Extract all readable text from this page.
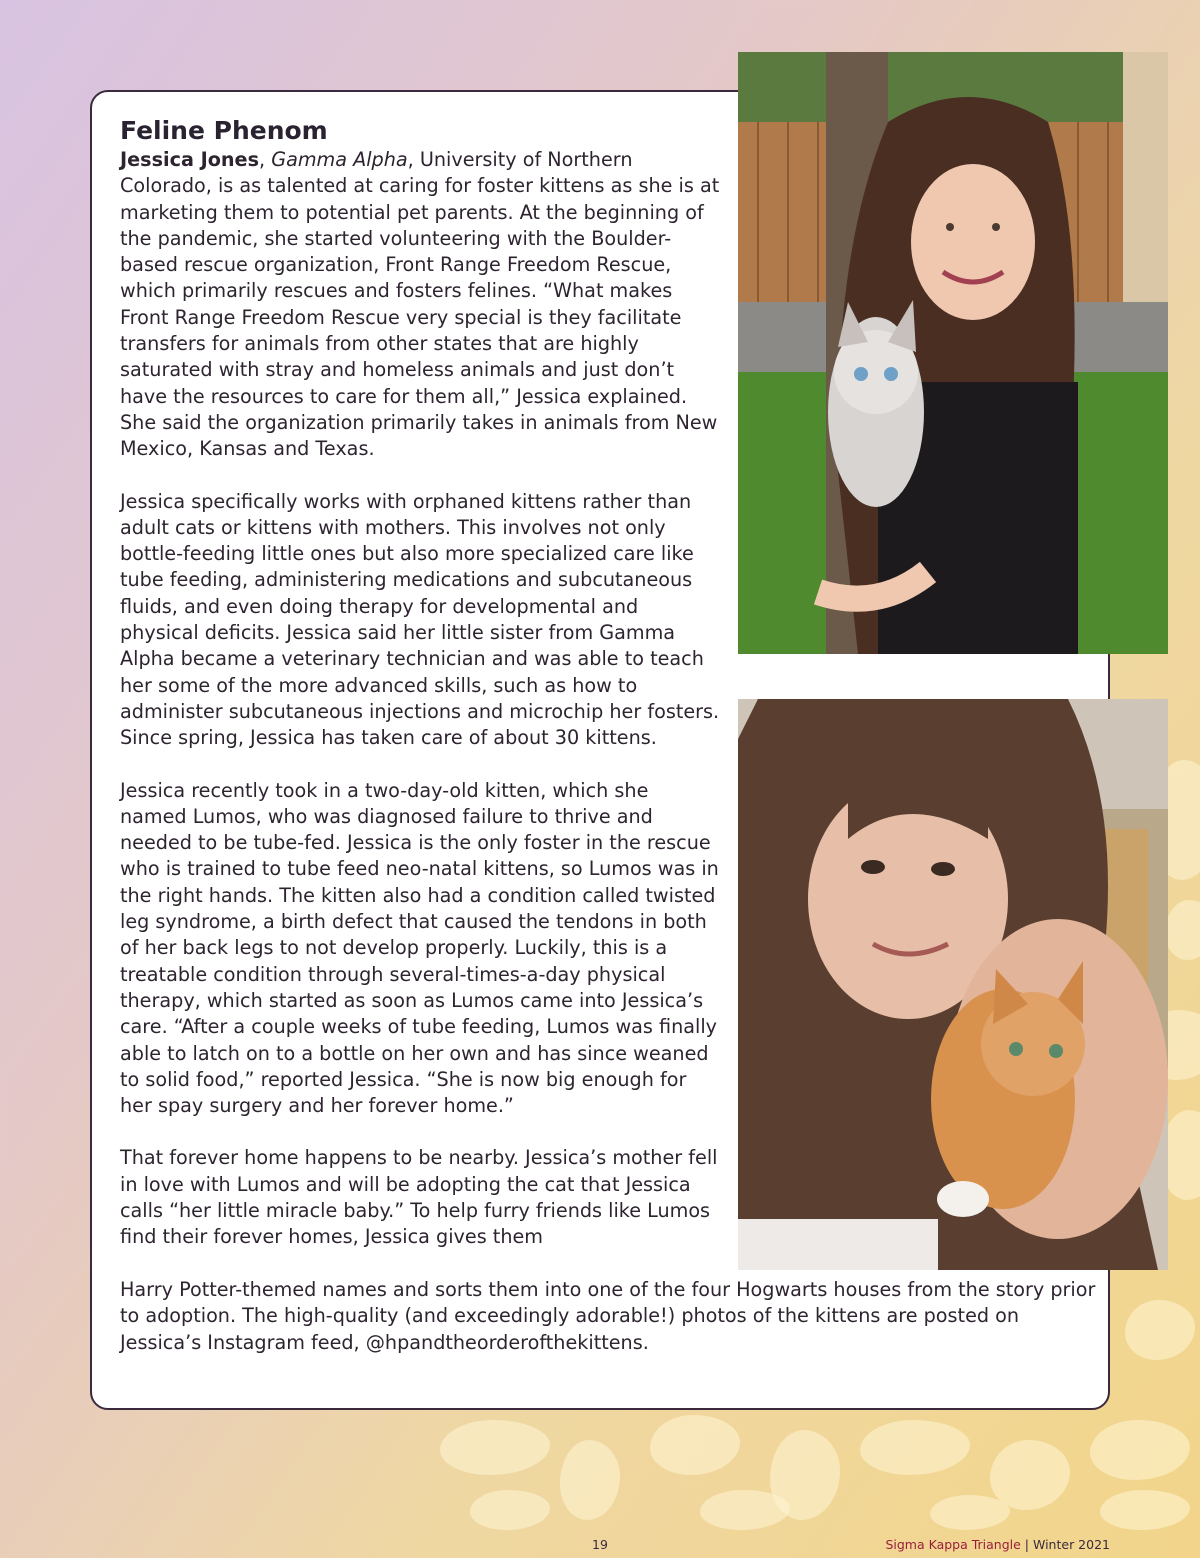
Feline Phenom

Jessica Jones, Gamma Alpha, University of Northern Colorado, is as talented at caring for foster kittens as she is at marketing them to potential pet parents. At the beginning of the pandemic, she started volunteering with the Boulder-based rescue organization, Front Range Freedom Rescue, which primarily rescues and fosters felines. “What makes Front Range Freedom Rescue very special is they facilitate transfers for animals from other states that are highly saturated with stray and homeless animals and just don’t have the resources to care for them all,” Jessica explained. She said the organization primarily takes in animals from New Mexico, Kansas and Texas.

Jessica specifically works with orphaned kittens rather than adult cats or kittens with mothers. This involves not only bottle-feeding little ones but also more specialized care like tube feeding, administering medications and subcutaneous fluids, and even doing therapy for developmental and physical deficits. Jessica said her little sister from Gamma Alpha became a veterinary technician and was able to teach her some of the more advanced skills, such as how to administer subcutaneous injections and microchip her fosters. Since spring, Jessica has taken care of about 30 kittens.

Jessica recently took in a two-day-old kitten, which she named Lumos, who was diagnosed failure to thrive and needed to be tube-fed. Jessica is the only foster in the rescue who is trained to tube feed neo-natal kittens, so Lumos was in the right hands. The kitten also had a condition called twisted leg syndrome, a birth defect that caused the tendons in both of her back legs to not develop properly. Luckily, this is a treatable condition through several-times-a-day physical therapy, which started as soon as Lumos came into Jessica’s care. “After a couple weeks of tube feeding, Lumos was finally able to latch on to a bottle on her own and has since weaned to solid food,” reported Jessica. “She is now big enough for her spay surgery and her forever home.”

That forever home happens to be nearby. Jessica’s mother fell in love with Lumos and will be adopting the cat that Jessica calls “her little miracle baby.” To help furry friends like Lumos find their forever homes, Jessica gives them

Harry Potter-themed names and sorts them into one of the four Hogwarts houses from the story prior to adoption. The high-quality (and exceedingly adorable!) photos of the kittens are posted on Jessica’s Instagram feed, @hpandtheorderofthekittens.
19	Sigma Kappa Triangle | Winter 2021
